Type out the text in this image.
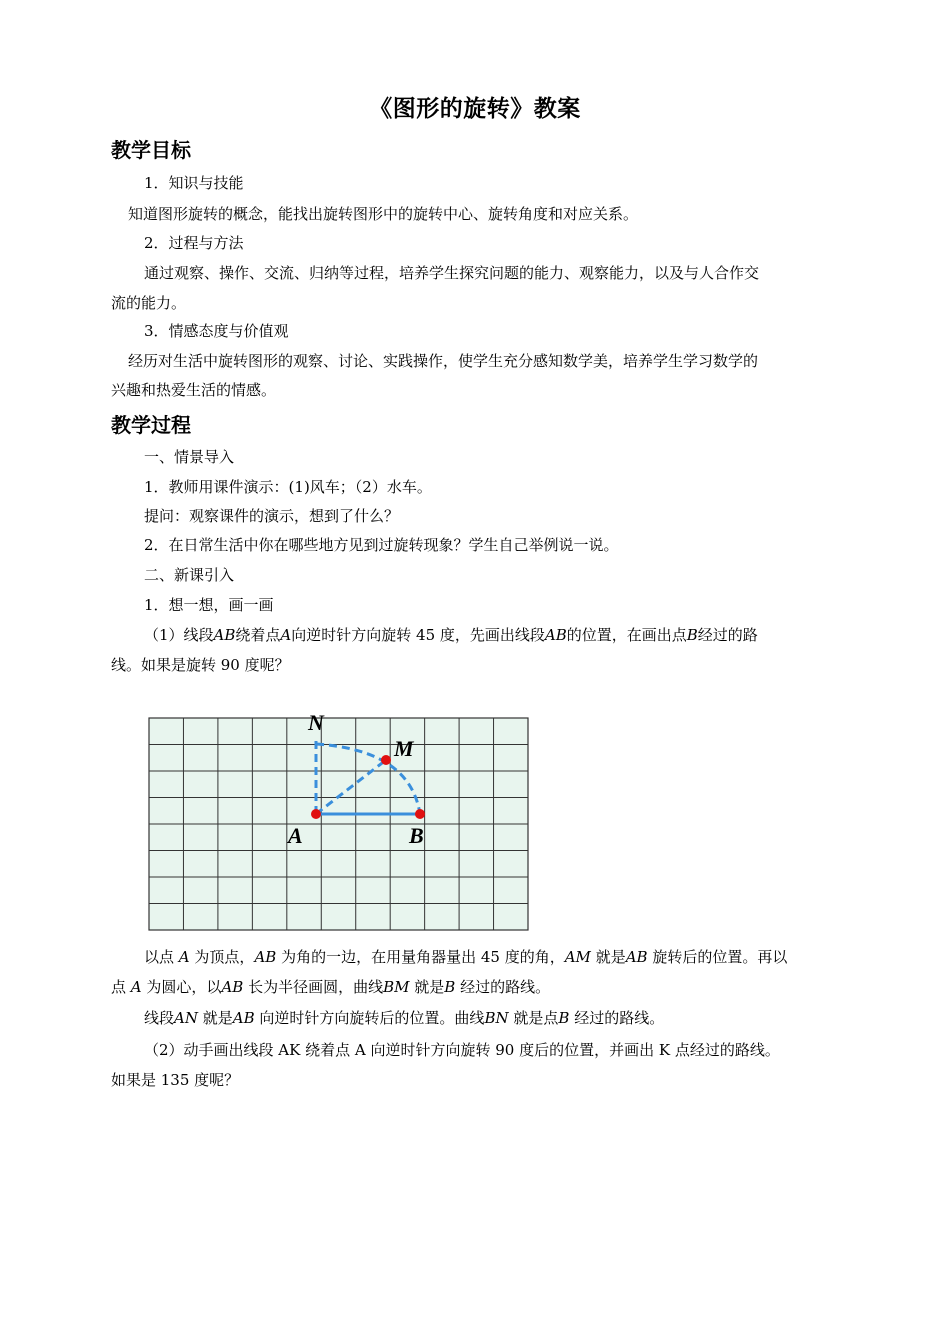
《图形的旋转》教案
教学目标
1．知识与技能
知道图形旋转的概念，能找出旋转图形中的旋转中心、旋转角度和对应关系。
2．过程与方法
通过观察、操作、交流、归纳等过程，培养学生探究问题的能力、观察能力，以及与人合作交
流的能力。
3．情感态度与价值观
经历对生活中旋转图形的观察、讨论、实践操作，使学生充分感知数学美，培养学生学习数学的
兴趣和热爱生活的情感。
教学过程
一、情景导入
1．教师用课件演示：(1)风车；（2）水车。
提问：观察课件的演示，想到了什么？
2．在日常生活中你在哪些地方见到过旋转现象？学生自己举例说一说。
二、新课引入
1．想一想，画一画
（1）线段AB绕着点A向逆时针方向旋转 45 度，先画出线段AB的位置，在画出点B经过的路
线。如果是旋转 90 度呢？
N
M
A	B
以点 A 为顶点，AB 为角的一边，在用量角器量出 45 度的角，AM 就是AB 旋转后的位置。再以
点 A 为圆心，以AB 长为半径画圆，曲线BM 就是B 经过的路线。
线段AN 就是AB 向逆时针方向旋转后的位置。曲线BN 就是点B 经过的路线。
（2）动手画出线段 AK 绕着点 A 向逆时针方向旋转 90 度后的位置，并画出 K 点经过的路线。
如果是 135 度呢？
